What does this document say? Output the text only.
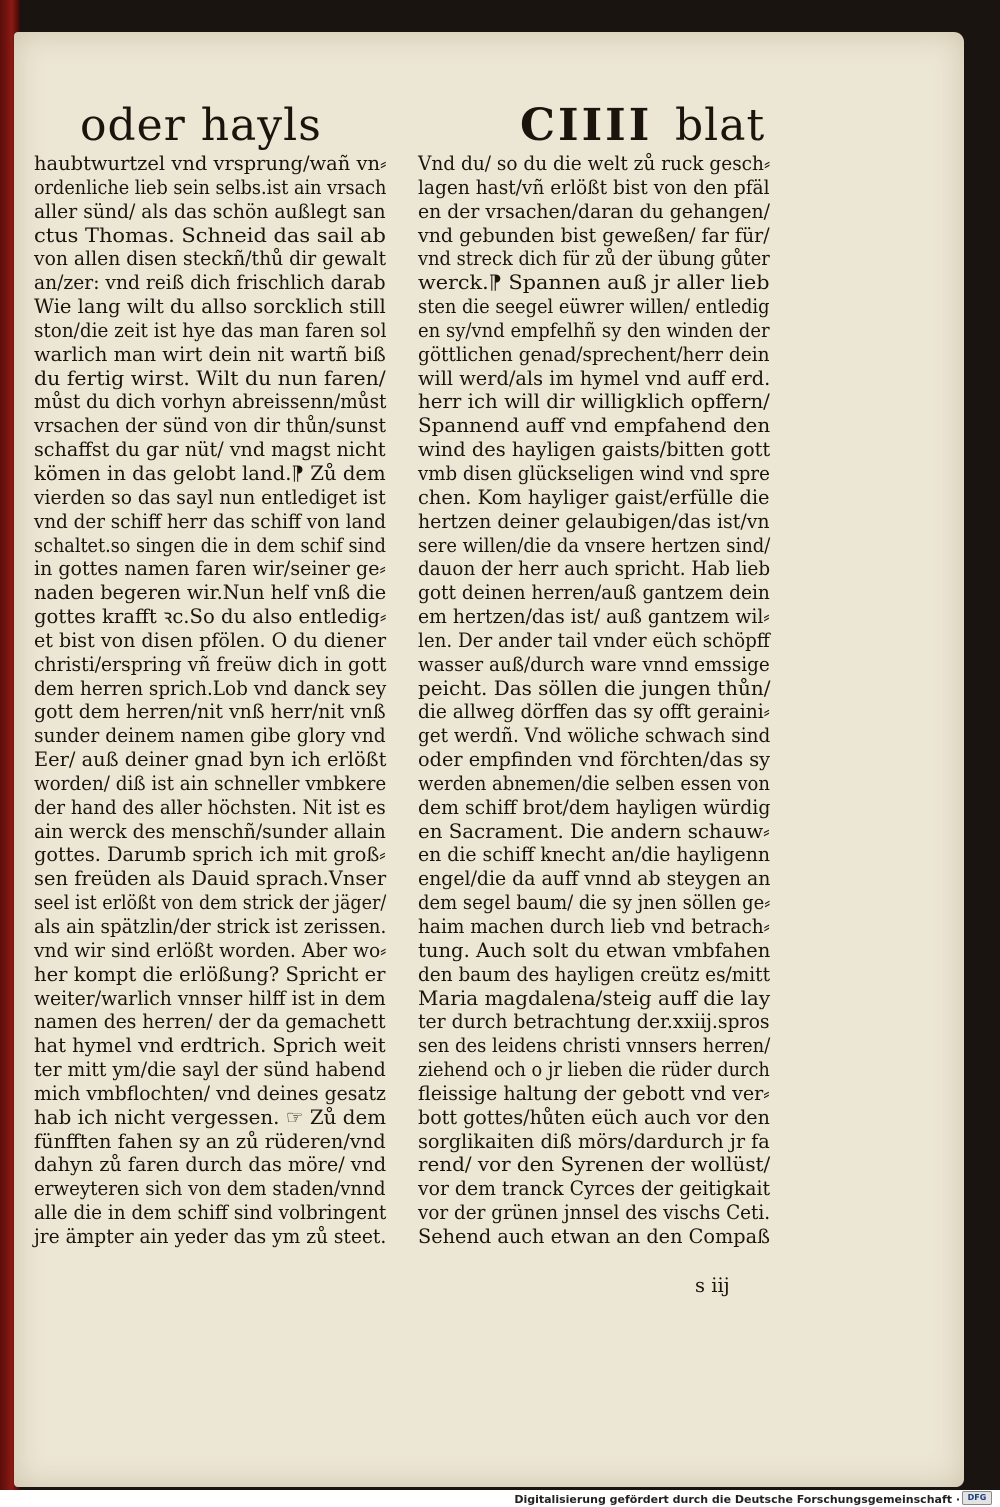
oder hayls	CIIII blat
haubtwurtzel vnd vrsprung/wañ vn⸗
ordenliche lieb sein selbs.ist ain vrsach
aller sünd/ als das schön außlegt san
ctus Thomas. Schneid das sail ab
von allen disen steckñ/thů dir gewalt
an/zer: vnd reiß dich frischlich darab
Wie lang wilt du allso sorcklich still
ston/die zeit ist hye das man faren sol
warlich man wirt dein nit wartñ biß
du fertig wirst. Wilt du nun faren/
můst du dich vorhyn abreissenn/můst
vrsachen der sünd von dir thůn/sunst
schaffst du gar nüt/ vnd magst nicht
kömen in das gelobt land.⁋ Zů dem
vierden so das sayl nun entlediget ist
vnd der schiff herr das schiff von land
schaltet.so singen die in dem schif sind
in gottes namen faren wir/seiner ge⸗
naden begeren wir.Nun helf vnß die
gottes krafft ꝛc.So du also entledig⸗
et bist von disen pfölen. O du diener
christi/erspring vñ freüw dich in gott
dem herren sprich.Lob vnd danck sey
gott dem herren/nit vnß herr/nit vnß
sunder deinem namen gibe glory vnd
Eer/ auß deiner gnad byn ich erlößt
worden/ diß ist ain schneller vmbkere
der hand des aller höchsten. Nit ist es
ain werck des menschñ/sunder allain
gottes. Darumb sprich ich mit groß⸗
sen freüden als Dauid sprach.Vnser
seel ist erlößt von dem strick der jäger/
als ain spätzlin/der strick ist zerissen.
vnd wir sind erlößt worden. Aber wo⸗
her kompt die erlößung? Spricht er
weiter/warlich vnnser hilff ist in dem
namen des herren/ der da gemachett
hat hymel vnd erdtrich. Sprich weit
ter mitt ym/die sayl der sünd habend
mich vmbflochten/ vnd deines gesatz
hab ich nicht vergessen. ☞ Zů dem
fünfften fahen sy an zů rüderen/vnd
dahyn zů faren durch das möre/ vnd
erweyteren sich von dem staden/vnnd
alle die in dem schiff sind volbringent
jre ämpter ain yeder das ym zů steet.
Vnd du/ so du die welt zů ruck gesch⸗
lagen hast/vñ erlößt bist von den pfäl
en der vrsachen/daran du gehangen/
vnd gebunden bist geweßen/ far für/
vnd streck dich für zů der übung gůter
werck.⁋ Spannen auß jr aller lieb
sten die seegel eüwrer willen/ entledig
en sy/vnd empfelhñ sy den winden der
göttlichen genad/sprechent/herr dein
will werd/als im hymel vnd auff erd.
herr ich will dir willigklich opffern/
Spannend auff vnd empfahend den
wind des hayligen gaists/bitten gott
vmb disen glückseligen wind vnd spre
chen. Kom hayliger gaist/erfülle die
hertzen deiner gelaubigen/das ist/vn
sere willen/die da vnsere hertzen sind/
dauon der herr auch spricht. Hab lieb
gott deinen herren/auß gantzem dein
em hertzen/das ist/ auß gantzem wil⸗
len. Der ander tail vnder eüch schöpff
wasser auß/durch ware vnnd emssige
peicht. Das söllen die jungen thůn/
die allweg dörffen das sy offt geraini⸗
get werdñ. Vnd wöliche schwach sind
oder empfinden vnd förchten/das sy
werden abnemen/die selben essen von
dem schiff brot/dem hayligen würdig
en Sacrament. Die andern schauw⸗
en die schiff knecht an/die hayligenn
engel/die da auff vnnd ab steygen an
dem segel baum/ die sy jnen söllen ge⸗
haim machen durch lieb vnd betrach⸗
tung. Auch solt du etwan vmbfahen
den baum des hayligen creütz es/mitt
Maria magdalena/steig auff die lay
ter durch betrachtung der.xxiij.spros
sen des leidens christi vnnsers herren/
ziehend och o jr lieben die rüder durch
fleissige haltung der gebott vnd ver⸗
bott gottes/hůten eüch auch vor den
sorglikaiten diß mörs/dardurch jr fa
rend/ vor den Syrenen der wollüst/
vor dem tranck Cyrces der geitigkait
vor der grünen jnnsel des vischs Ceti.
Sehend auch etwan an den Compaß
s iij
Digitalisierung gefördert durch die Deutsche Forschungsgemeinschaft · DFG
